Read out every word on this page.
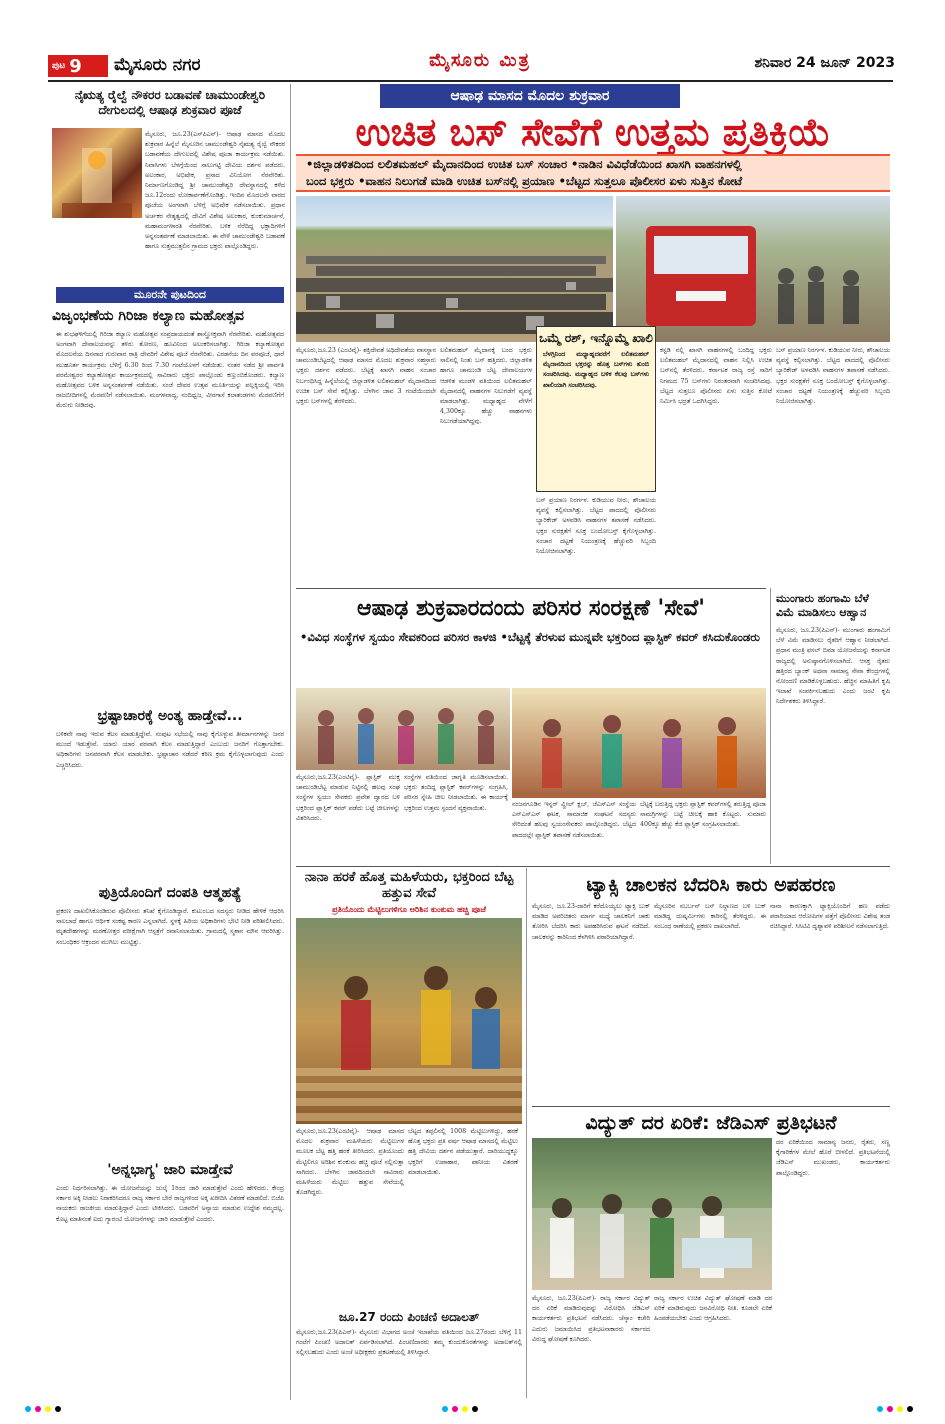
ಪುಟ 9 ಮೈಸೂರು ನಗರ	ಮೈಸೂರು ಮಿತ್ರ	ಶನಿವಾರ 24 ಜೂನ್ 2023
ನೈಋತ್ಯ ರೈಲ್ವೆ ನೌಕರರ ಬಡಾವಣೆ ಚಾಮುಂಡೇಶ್ವರಿ ದೇಗುಲದಲ್ಲಿ ಆಷಾಢ ಶುಕ್ರವಾರ ಪೂಜೆ
ಮೈಸೂರು, ಜೂ.23(ಎಸ್‌ಪಿಎನ್)- ಆಷಾಢ ಮಾಸದ ಮೊದಲ ಶುಕ್ರವಾರ ಹಿನ್ನೆಲೆ ಮೈಸೂರಿನ ಚಾಮುಂಡೇಶ್ವರಿ ನೈಋತ್ಯ ರೈಲ್ವೆ ನೌಕರರ ಬಡಾವಣೆಯ ದೇಗುಲದಲ್ಲಿ ವಿಶೇಷ ಪೂಜಾ ಕಾರ್ಯಕ್ರಮ ನಡೆಯಿತು. ನಿವಾಸಿಗಳು ಬೆಳಗ್ಗೆಯಿಂದ ಸಾಲುಗಟ್ಟಿ ದೇವಿಯ ದರ್ಶನ ಪಡೆದರು. ಅಲಂಕಾರ, ಅಭಿಷೇಕ, ಪ್ರಸಾದ ವಿನಿಯೋಗ ನೆರವೇರಿತು. ನಿರ್ಮಾಣಗೊಂಡಿದ್ದ ಶ್ರೀ ಚಾಮುಂಡೇಶ್ವರಿ ದೇವಸ್ಥಾನದಲ್ಲಿ ಕಳೆದ ಜೂ.12ರಂದು ಲೋಕಾರ್ಪಣೆಗೊಂಡಿತ್ತು. ಇಂದಿನ ಮೊದಲನೇ ವಾರದ ಪೂಜೆಯ ಅಂಗವಾಗಿ ಬೆಳಿಗ್ಗೆ ಅಭಿಷೇಕ ನಡೆಸಲಾಯಿತು. ಪ್ರಧಾನ ಅರ್ಚಕರ ನೇತೃತ್ವದಲ್ಲಿ ದೇವಿಗೆ ವಿಶೇಷ ಅಲಂಕಾರ, ಕುಂಕುಮಾರ್ಚನೆ, ಮಹಾಮಂಗಳಾರತಿ ನೆರವೇರಿತು. ಬಳಿಕ ನೆರೆದಿದ್ದ ಭಕ್ತಾದಿಗಳಿಗೆ ಅನ್ನಸಂತರ್ಪಣೆ ಮಾಡಲಾಯಿತು. ಈ ವೇಳೆ ಚಾಮುಂಡೇಶ್ವರಿ ಬಡಾವಣೆ ಹಾಗೂ ಸುತ್ತಮುತ್ತಲಿನ ಗ್ರಾಮದ ಭಕ್ತರು ಪಾಲ್ಗೊಂಡಿದ್ದರು.
ಮೂರನೇ ಪುಟದಿಂದ
ವಿಜೃಂಭಣೆಯ ಗಿರಿಜಾ ಕಲ್ಯಾಣ ಮಹೋತ್ಸವ
ಈ ಶುಭಘಳಿಗೆಯಲ್ಲಿ ಗಿರಿಜಾ ಕಲ್ಯಾಣ ಮಹೋತ್ಸವ ಸಂಪ್ರದಾಯದಂತೆ ಶಾಸ್ತ್ರೋಕ್ತವಾಗಿ ನೆರವೇರಿತು. ಮಹೋತ್ಸವದ ಅಂಗವಾಗಿ ದೇವಾಲಯವನ್ನು ತಳಿರು ತೋರಣ, ಹೂವಿನಿಂದ ಅಲಂಕರಿಸಲಾಗಿತ್ತು. ಗಿರಿಜಾ ಕಲ್ಯಾಣೋತ್ಸವ ಮೊದಲನೆಯ ದಿನವಾದ ಗುರುವಾರ ರಾತ್ರಿ ದೇವರಿಗೆ ವಿಶೇಷ ಪೂಜೆ ನೆರವೇರಿತು. ಎರಡನೆಯ ದಿನ ವರಪೂಜೆ, ಧಾರೆ ಮುಹೂರ್ತ ಕಾರ್ಯಕ್ರಮ ಬೆಳಿಗ್ಗೆ 6.30 ರಿಂದ 7.30 ಗಂಟೆಯೊಳಗೆ ನಡೆಯಿತು. ನಂತರ ನಡೆದ ಶ್ರೀ ಪಾರ್ವತಿ ಪರಮೇಶ್ವರರ ಕಲ್ಯಾಣೋತ್ಸವ ಕಾರ್ಯಕ್ರಮದಲ್ಲಿ ಸಾವಿರಾರು ಭಕ್ತರು ಪಾಲ್ಗೊಂಡು ಕಣ್ತುಂಬಿಕೊಂಡರು. ಕಲ್ಯಾಣ ಮಹೋತ್ಸವದ ಬಳಿಕ ಅನ್ನಸಂತರ್ಪಣೆ ನಡೆಯಿತು. ಸಂಜೆ ದೇವರ ಉತ್ಸವ ಮೂರ್ತಿಯನ್ನು ಪಲ್ಲಕ್ಕಿಯಲ್ಲಿ ಇರಿಸಿ ರಾಜಬೀದಿಗಳಲ್ಲಿ ಮೆರವಣಿಗೆ ನಡೆಸಲಾಯಿತು. ಮಂಗಳವಾದ್ಯ, ನಂದಿಧ್ವಜ, ವೀರಗಾಸೆ ಕಲಾತಂಡಗಳು ಮೆರವಣಿಗೆಗೆ ಮೆರುಗು ನೀಡಿದವು.
ಭ್ರಷ್ಟಾಚಾರಕ್ಕೆ ಅಂತ್ಯ ಹಾಡ್ತೇವೆ...
ಬಳಿಕವೇ ನಾವು ಇರುವ ಕೆಲಸ ಮಾಡುತ್ತಿದ್ದೇವೆ. ಸಂಪುಟ ಸಭೆಯಲ್ಲಿ ನಾವು ಕೈಗೊಳ್ಳುವ ತೀರ್ಮಾನಗಳನ್ನು ಜನರ ಮುಂದೆ ಇಡುತ್ತೇವೆ. ಯಾರು ಯಾರ ಪರವಾಗಿ ಕೆಲಸ ಮಾಡುತ್ತಿದ್ದಾರೆ ಎಂಬುದು ಜನರಿಗೆ ಗೊತ್ತಾಗಬೇಕು. ಅಧಿಕಾರಿಗಳು ಜನಪರವಾಗಿ ಕೆಲಸ ಮಾಡಬೇಕು. ಭ್ರಷ್ಟಾಚಾರ ನಡೆದರೆ ಕಠಿಣ ಕ್ರಮ ಕೈಗೊಳ್ಳಲಾಗುವುದು ಎಂದು ಎಚ್ಚರಿಸಿದರು.
ಪುತ್ರಿಯೊಂದಿಗೆ ದಂಪತಿ ಆತ್ಮಹತ್ಯೆ
ಪ್ರಕರಣ ದಾಖಲಿಸಿಕೊಂಡಿರುವ ಪೊಲೀಸರು ತನಿಖೆ ಕೈಗೊಂಡಿದ್ದಾರೆ. ಕುಟುಂಬದ ಸದಸ್ಯರು ನೀಡಿದ ಹೇಳಿಕೆ ಆಧರಿಸಿ ಸಾಲಬಾಧೆ ಹಾಗೂ ಆರ್ಥಿಕ ಸಂಕಷ್ಟ ಕಾರಣ ಎನ್ನಲಾಗಿದೆ. ಸ್ಥಳಕ್ಕೆ ಹಿರಿಯ ಅಧಿಕಾರಿಗಳು ಭೇಟಿ ನೀಡಿ ಪರಿಶೀಲಿಸಿದರು. ಮೃತದೇಹಗಳನ್ನು ಮರಣೋತ್ತರ ಪರೀಕ್ಷೆಗಾಗಿ ಆಸ್ಪತ್ರೆಗೆ ರವಾನಿಸಲಾಯಿತು. ಗ್ರಾಮದಲ್ಲಿ ಸ್ಮಶಾನ ಮೌನ ಆವರಿಸಿತ್ತು. ಸಂಬಂಧಿಕರ ಆಕ್ರಂದನ ಮುಗಿಲು ಮುಟ್ಟಿತ್ತು.
'ಅನ್ನಭಾಗ್ಯ' ಜಾರಿ ಮಾಡ್ತೇವೆ
ಎಂದು ನಿರ್ಧರಿಸಲಾಗಿತ್ತು. ಈ ಯೋಜನೆಯನ್ನು ಜುಲೈ 1ರಿಂದ ಜಾರಿ ಮಾಡುತ್ತೇವೆ ಎಂದು ಹೇಳಿದರು. ಕೇಂದ್ರ ಸರ್ಕಾರ ಅಕ್ಕಿ ನೀಡಲು ನಿರಾಕರಿಸಿದರೂ ರಾಜ್ಯ ಸರ್ಕಾರ ಬೇರೆ ರಾಜ್ಯಗಳಿಂದ ಅಕ್ಕಿ ಖರೀದಿಸಿ ವಿತರಣೆ ಮಾಡಲಿದೆ. ಬಿಜೆಪಿ ನಾಯಕರು ರಾಜಕೀಯ ಮಾಡುತ್ತಿದ್ದಾರೆ ಎಂದು ಟೀಕಿಸಿದರು. ಬಡವರಿಗೆ ಅನ್ಯಾಯ ಮಾಡುವ ಉದ್ದೇಶ ನಮ್ಮದಲ್ಲ. ಕೊಟ್ಟ ಮಾತಿನಂತೆ ಐದು ಗ್ಯಾರಂಟಿ ಯೋಜನೆಗಳನ್ನು ಜಾರಿ ಮಾಡುತ್ತೇವೆ ಎಂದರು.
ಆಷಾಢ ಮಾಸದ ಮೊದಲ ಶುಕ್ರವಾರ
ಉಚಿತ ಬಸ್ ಸೇವೆಗೆ ಉತ್ತಮ ಪ್ರತಿಕ್ರಿಯೆ
•ಜಿಲ್ಲಾಡಳಿತದಿಂದ ಲಲಿತಮಹಲ್ ಮೈದಾನದಿಂದ ಉಚಿತ ಬಸ್ ಸಂಚಾರ •ನಾಡಿನ ವಿವಿಧೆಡೆಯಿಂದ ಖಾಸಗಿ ವಾಹನಗಳಲ್ಲಿ
ಬಂದ ಭಕ್ತರು •ವಾಹನ ನಿಲುಗಡೆ ಮಾಡಿ ಉಚಿತ ಬಸ್‌ನಲ್ಲಿ ಪ್ರಯಾಣ •ಬೆಟ್ಟದ ಸುತ್ತಲೂ ಪೊಲೀಸರ ಏಳು ಸುತ್ತಿನ ಕೋಟೆ
ಮೈಸೂರು,ಜೂ.23 (ಎಂಟಿವೈ)- ಶಕ್ತಿದೇವತೆ ಅಧಿದೇವತೆಯ ವಾಸಸ್ಥಾನ ಚಾಮುಂಡಿಬೆಟ್ಟದಲ್ಲಿ ಆಷಾಢ ಮಾಸದ ಮೊದಲ ಶುಕ್ರವಾರ ಸಹಸ್ರಾರು ಭಕ್ತರು ದರ್ಶನ ಪಡೆದರು. ಬೆಟ್ಟಕ್ಕೆ ಖಾಸಗಿ ವಾಹನ ಸಂಚಾರ ನಿರ್ಬಂಧಿಸಿದ್ದ ಹಿನ್ನೆಲೆಯಲ್ಲಿ ಜಿಲ್ಲಾಡಳಿತ ಲಲಿತಮಹಲ್ ಮೈದಾನದಿಂದ ಉಚಿತ ಬಸ್ ಸೇವೆ ಕಲ್ಪಿಸಿತ್ತು. ಬೆಳಗಿನ ಜಾವ 3 ಗಂಟೆಯಿಂದಲೇ ಭಕ್ತರು ಬಸ್‌ಗಳಲ್ಲಿ ತೆರಳಿದರು.
ಲಲಿತಮಹಲ್ ಮೈದಾನಕ್ಕೆ ಬಂದ ಭಕ್ತರು ಸಾಲಿನಲ್ಲಿ ನಿಂತು ಬಸ್ ಹತ್ತಿದರು. ಜಿಲ್ಲಾಡಳಿತ ಹಾಗೂ ಚಾಮುಂಡಿ ಬೆಟ್ಟ ದೇವಾಲಯಗಳ ಆಡಳಿತ ಮಂಡಳಿ ವತಿಯಿಂದ ಲಲಿತಮಹಲ್ ಮೈದಾನದಲ್ಲಿ ವಾಹನಗಳ ನಿಲುಗಡೆಗೆ ವ್ಯವಸ್ಥೆ ಮಾಡಲಾಗಿತ್ತು. ಮಧ್ಯಾಹ್ನದ ವೇಳೆಗೆ 4,300ಕ್ಕೂ ಹೆಚ್ಚು ವಾಹನಗಳು ನಿಲುಗಡೆಯಾಗಿದ್ದವು.
ಒಮ್ಮೆ ರಶ್, ಇನ್ನೊಮ್ಮೆ ಖಾಲಿ
ಬೆಳಗ್ಗಿನಿಂದ ಮಧ್ಯಾಹ್ನದವರೆಗೆ ಲಲಿತಮಹಲ್ ಮೈದಾನದಿಂದ ಭಕ್ತರನ್ನು ಹೊತ್ತ ಬಸ್‌ಗಳು ತುಂಬಿ ಸಂಚರಿಸಿದವು. ಮಧ್ಯಾಹ್ನದ ಬಳಿಕ ಕೆಲವು ಬಸ್‌ಗಳು ಖಾಲಿಯಾಗಿ ಸಂಚರಿಸಿದವು.
ಬಸ್ ಪ್ರಯಾಣ ನಿರರ್ಗಳ. ಕುಡಿಯುವ ನೀರು, ಶೌಚಾಲಯ ವ್ಯವಸ್ಥೆ ಕಲ್ಪಿಸಲಾಗಿತ್ತು. ಬೆಟ್ಟದ ಪಾದದಲ್ಲಿ ಪೊಲೀಸರು ಬ್ಯಾರಿಕೇಡ್ ಅಳವಡಿಸಿ ವಾಹನಗಳ ತಪಾಸಣೆ ನಡೆಸಿದರು. ಭಕ್ತರ ಸುರಕ್ಷತೆಗೆ ಸೂಕ್ತ ಬಂದೋಬಸ್ತ್ ಕೈಗೊಳ್ಳಲಾಗಿತ್ತು. ಸಂಚಾರ ದಟ್ಟಣೆ ನಿಯಂತ್ರಣಕ್ಕೆ ಹೆಚ್ಚುವರಿ ಸಿಬ್ಬಂದಿ ನಿಯೋಜಿಸಲಾಗಿತ್ತು.
ಕಸ್ಟಡಿ ನಲ್ಲಿ ಖಾಸಗಿ ವಾಹನಗಳಲ್ಲಿ ಬಂದಿದ್ದ ಭಕ್ತರು ಲಲಿತಮಹಲ್ ಮೈದಾನದಲ್ಲಿ ವಾಹನ ನಿಲ್ಲಿಸಿ ಉಚಿತ ಬಸ್‌ನಲ್ಲಿ ತೆರಳಿದರು. ಕರ್ನಾಟಕ ರಾಜ್ಯ ರಸ್ತೆ ಸಾರಿಗೆ ನಿಗಮದ 75 ಬಸ್‌ಗಳು ನಿರಂತರವಾಗಿ ಸಂಚರಿಸಿದವು. ಬೆಟ್ಟದ ಸುತ್ತಲೂ ಪೊಲೀಸರು ಏಳು ಸುತ್ತಿನ ಕೋಟೆ ನಿರ್ಮಿಸಿ ಭದ್ರತೆ ಒದಗಿಸಿದ್ದರು.
ಬಸ್ ಪ್ರಯಾಣ ನಿರರ್ಗಳ. ಕುಡಿಯುವ ನೀರು, ಶೌಚಾಲಯ ವ್ಯವಸ್ಥೆ ಕಲ್ಪಿಸಲಾಗಿತ್ತು. ಬೆಟ್ಟದ ಪಾದದಲ್ಲಿ ಪೊಲೀಸರು ಬ್ಯಾರಿಕೇಡ್ ಅಳವಡಿಸಿ ವಾಹನಗಳ ತಪಾಸಣೆ ನಡೆಸಿದರು. ಭಕ್ತರ ಸುರಕ್ಷತೆಗೆ ಸೂಕ್ತ ಬಂದೋಬಸ್ತ್ ಕೈಗೊಳ್ಳಲಾಗಿತ್ತು. ಸಂಚಾರ ದಟ್ಟಣೆ ನಿಯಂತ್ರಣಕ್ಕೆ ಹೆಚ್ಚುವರಿ ಸಿಬ್ಬಂದಿ ನಿಯೋಜಿಸಲಾಗಿತ್ತು.
ಆಷಾಢ ಶುಕ್ರವಾರದಂದು ಪರಿಸರ ಸಂರಕ್ಷಣೆ 'ಸೇವೆ'
•ವಿವಿಧ ಸಂಸ್ಥೆಗಳ ಸ್ವಯಂ ಸೇವಕರಿಂದ ಪರಿಸರ ಕಾಳಜಿ •ಬೆಟ್ಟಕ್ಕೆ ತೆರಳುವ ಮುನ್ನವೇ ಭಕ್ತರಿಂದ ಪ್ಲಾಸ್ಟಿಕ್ ಕವರ್ ಕಸಿದುಕೊಂಡರು
ಮೈಸೂರು,ಜೂ.23(ಎಂಟಿವೈ)- ಪ್ಲಾಸ್ಟಿಕ್ ಮುಕ್ತ ಚಾಮುಂಡಿಬೆಟ್ಟ ಮಾಡುವ ನಿಟ್ಟಿನಲ್ಲಿ ಹಲವು ಸಂಘ ಸಂಸ್ಥೆಗಳ ಸ್ವಯಂ ಸೇವಕರು ಪ್ರವೇಶ ದ್ವಾರದ ಬಳಿ ಭಕ್ತರಿಂದ ಪ್ಲಾಸ್ಟಿಕ್ ಕವರ್ ಪಡೆದು ಬಟ್ಟೆ ಚೀಲಗಳನ್ನು ವಿತರಿಸಿದರು.
ಸಂಸ್ಥೆಗಳ ವತಿಯಿಂದ ಜಾಗೃತಿ ಮೂಡಿಸಲಾಯಿತು. ಭಕ್ತರು ತಂದಿದ್ದ ಪ್ಲಾಸ್ಟಿಕ್ ಕವರ್‌ಗಳನ್ನು ಸಂಗ್ರಹಿಸಿ, ಪರಿಸರ ಸ್ನೇಹಿ ಚೀಲ ನೀಡಲಾಯಿತು. ಈ ಕಾರ್ಯಕ್ಕೆ ಭಕ್ತರಿಂದ ಉತ್ತಮ ಸ್ಪಂದನೆ ವ್ಯಕ್ತವಾಯಿತು.
ನಂಜನಗೂಡಿನ ಇನ್ನರ್ ವ್ಹೀಲ್ ಕ್ಲಬ್, ಜೆಎಸ್‌ಎಸ್ ಸಂಸ್ಥೆಯ ಎನ್‌ಎಸ್‌ಎಸ್ ಘಟಕ, ಸಾಮಾಜಿಕ ಸಂಘಟನೆ ಸದಸ್ಯರು ಸೇರಿದಂತೆ ಹಲವು ಸ್ವಯಂಸೇವಕರು ಪಾಲ್ಗೊಂಡಿದ್ದರು. ಬೆಟ್ಟದ ಪಾದದಲ್ಲೇ ಪ್ಲಾಸ್ಟಿಕ್ ತಪಾಸಣೆ ನಡೆಸಲಾಯಿತು.
ಬೆಟ್ಟಕ್ಕೆ ಬರುತ್ತಿದ್ದ ಭಕ್ತರು ಪ್ಲಾಸ್ಟಿಕ್ ಕವರ್‌ಗಳಲ್ಲಿ ತರುತ್ತಿದ್ದ ಪೂಜಾ ಸಾಮಗ್ರಿಗಳನ್ನು ಬಟ್ಟೆ ಚೀಲಕ್ಕೆ ಹಾಕಿ ಕೊಟ್ಟರು. ಸುಮಾರು 400ಕ್ಕೂ ಹೆಚ್ಚು ಕೆಜಿ ಪ್ಲಾಸ್ಟಿಕ್ ಸಂಗ್ರಹಿಸಲಾಯಿತು.
ಮುಂಗಾರು ಹಂಗಾಮಿ ಬೆಳೆ ವಿಮೆ ಮಾಡಿಸಲು ಆಹ್ವಾನ
ಮೈಸೂರು, ಜೂ.23(ಪಿಎನ್)- ಮುಂಗಾರು ಹಂಗಾಮಿಗೆ ಬೆಳೆ ವಿಮೆ ಮಾಡಿಸಲು ರೈತರಿಗೆ ಆಹ್ವಾನ ನೀಡಲಾಗಿದೆ. ಪ್ರಧಾನ ಮಂತ್ರಿ ಫಸಲ್ ಬಿಮಾ ಯೋಜನೆಯನ್ನು ಕರ್ನಾಟಕ ರಾಜ್ಯದಲ್ಲಿ ಅನುಷ್ಠಾನಗೊಳಿಸಲಾಗಿದೆ. ಆಸಕ್ತ ರೈತರು ಹತ್ತಿರದ ಬ್ಯಾಂಕ್ ಅಥವಾ ಸಾಮಾನ್ಯ ಸೇವಾ ಕೇಂದ್ರಗಳಲ್ಲಿ ನೋಂದಣಿ ಮಾಡಿಕೊಳ್ಳಬಹುದು. ಹೆಚ್ಚಿನ ಮಾಹಿತಿಗೆ ಕೃಷಿ ಇಲಾಖೆ ಸಂಪರ್ಕಿಸಬಹುದು ಎಂದು ಜಂಟಿ ಕೃಷಿ ನಿರ್ದೇಶಕರು ತಿಳಿಸಿದ್ದಾರೆ.
ನಾನಾ ಹರಕೆ ಹೊತ್ತ ಮಹಿಳೆಯರು, ಭಕ್ತರಿಂದ ಬೆಟ್ಟ ಹತ್ತುವ ಸೇವೆ
ಪ್ರತಿಯೊಂದು ಮೆಟ್ಟಿಲುಗಳಿಗೂ ಅರಿಶಿನ ಕುಂಕುಮ ಹಚ್ಚಿ ಪೂಜೆ
ಮೈಸೂರು,ಜೂ.23(ಎಂಟಿವೈ)- ಆಷಾಢ ಮಾಸದ ಮೊದಲ ಶುಕ್ರವಾರ ಮಹಿಳೆಯರು ಮೆಟ್ಟಿಲುಗಳ ಮೂಲಕ ಬೆಟ್ಟ ಹತ್ತಿ ಹರಕೆ ತೀರಿಸಿದರು. ಪ್ರತಿಯೊಂದು ಮೆಟ್ಟಿಲಿಗೂ ಅರಿಶಿನ ಕುಂಕುಮ ಹಚ್ಚಿ ಪೂಜೆ ಸಲ್ಲಿಸುತ್ತಾ ಸಾಗಿದರು. ಬೆಳಗಿನ ಜಾವದಿಂದಲೇ ಸಾವಿರಾರು ಮಹಿಳೆಯರು ಮೆಟ್ಟಿಲು ಹತ್ತುವ ಸೇವೆಯಲ್ಲಿ ತೊಡಗಿದ್ದರು.
ಬೆಟ್ಟದ ತಪ್ಪಲಿನಲ್ಲಿ 1008 ಮೆಟ್ಟಿಲುಗಳಿದ್ದು, ಹರಕೆ ಹೊತ್ತ ಭಕ್ತರು ಪ್ರತಿ ವರ್ಷ ಆಷಾಢ ಮಾಸದಲ್ಲಿ ಮೆಟ್ಟಿಲು ಹತ್ತಿ ದೇವಿಯ ದರ್ಶನ ಪಡೆಯುತ್ತಾರೆ. ದಾರಿಯುದ್ದಕ್ಕೂ ಭಕ್ತರಿಗೆ ಉಪಾಹಾರ, ಪಾನೀಯ ವಿತರಣೆ ಮಾಡಲಾಯಿತು.
ಜೂ.27 ರಂದು ಪಿಂಚಣಿ ಅದಾಲತ್
ಮೈಸೂರು,ಜೂ.23(ಪಿಎನ್)- ಮೈಸೂರು ವಿಭಾಗದ ಅಂಚೆ ಇಲಾಖೆಯ ವತಿಯಿಂದ ಜೂ.27ರಂದು ಬೆಳಿಗ್ಗೆ 11 ಗಂಟೆಗೆ ಪಿಂಚಣಿ ಅದಾಲತ್ ಏರ್ಪಡಿಸಲಾಗಿದೆ. ಪಿಂಚಣಿದಾರರು ತಮ್ಮ ಕುಂದುಕೊರತೆಗಳನ್ನು ಅದಾಲತ್‌ನಲ್ಲಿ ಸಲ್ಲಿಸಬಹುದು ಎಂದು ಅಂಚೆ ಅಧೀಕ್ಷಕರು ಪ್ರಕಟಣೆಯಲ್ಲಿ ತಿಳಿಸಿದ್ದಾರೆ.
ಟ್ಯಾಕ್ಸಿ ಚಾಲಕನ ಬೆದರಿಸಿ ಕಾರು ಅಪಹರಣ
ಮೈಸೂರು, ಜೂ.23-ದಾರಿಗೆ ಕರೆದೊಯ್ಯಲು ಟ್ಯಾಕ್ಸಿ ಬುಕ್ ಮಾಡಿದ ಅಪರಿಚಿತರು ಮಾರ್ಗ ಮಧ್ಯೆ ಚಾಲಕನಿಗೆ ಚಾಕು ತೋರಿಸಿ ಬೆದರಿಸಿ ಕಾರು ಅಪಹರಿಸಿರುವ ಘಟನೆ ನಡೆದಿದೆ. ಚಾಲಕನನ್ನು ಕಾರಿನಿಂದ ಕೆಳಗಿಳಿಸಿ ಪರಾರಿಯಾಗಿದ್ದಾರೆ.
ಮೈಸೂರಿನ ಸಬರ್ಬನ್ ಬಸ್ ನಿಲ್ದಾಣದ ಬಳಿ ಬುಕ್ ಮಾಡಿದ್ದ ದುಷ್ಕರ್ಮಿಗಳು ಕಾರಿನಲ್ಲಿ ತೆರಳಿದ್ದರು. ಈ ಸಂಬಂಧ ಠಾಣೆಯಲ್ಲಿ ಪ್ರಕರಣ ದಾಖಲಾಗಿದೆ.
ನಾನಾ ಕಾರಣಕ್ಕಾಗಿ ಟ್ಯಾಕ್ಸಿಯೊಂದಿಗೆ ಹಣ ಪಡೆದು ಪರಾರಿಯಾದ ಆರೋಪಿಗಳ ಪತ್ತೆಗೆ ಪೊಲೀಸರು ವಿಶೇಷ ತಂಡ ರಚಿಸಿದ್ದಾರೆ. ಸಿಸಿಟಿವಿ ದೃಶ್ಯಾವಳಿ ಪರಿಶೀಲನೆ ನಡೆಸಲಾಗುತ್ತಿದೆ.
ವಿದ್ಯುತ್ ದರ ಏರಿಕೆ: ಜೆಡಿಎಸ್ ಪ್ರತಿಭಟನೆ
ದರ ಏರಿಕೆಯಿಂದ ಸಾಮಾನ್ಯ ಜನರು, ರೈತರು, ಸಣ್ಣ ಕೈಗಾರಿಕೆಗಳ ಮೇಲೆ ಹೊರೆ ಬೀಳಲಿದೆ. ಪ್ರತಿಭಟನೆಯಲ್ಲಿ ಜೆಡಿಎಸ್ ಮುಖಂಡರು, ಕಾರ್ಯಕರ್ತರು ಪಾಲ್ಗೊಂಡಿದ್ದರು.
ಮೈಸೂರು, ಜೂ.23(ಪಿಎನ್)- ರಾಜ್ಯ ಸರ್ಕಾರ ವಿದ್ಯುತ್ ದರ ಏರಿಕೆ ಮಾಡಿರುವುದನ್ನು ವಿರೋಧಿಸಿ ಜೆಡಿಎಸ್ ಕಾರ್ಯಕರ್ತರು ಪ್ರತಿಭಟನೆ ನಡೆಸಿದರು. ಚೆಸ್ಕಾಂ ಕಚೇರಿ ಎದುರು ಜಮಾಯಿಸಿದ ಪ್ರತಿಭಟನಾಕಾರರು ಸರ್ಕಾರದ ವಿರುದ್ಧ ಘೋಷಣೆ ಕೂಗಿದರು.
ರಾಜ್ಯ ಸರ್ಕಾರ ಉಚಿತ ವಿದ್ಯುತ್ ಘೋಷಣೆ ಮಾಡಿ ದರ ಏರಿಕೆ ಮಾಡಿರುವುದು ಜನವಿರೋಧಿ ನೀತಿ. ಕೂಡಲೇ ಏರಿಕೆ ಹಿಂಪಡೆಯಬೇಕು ಎಂದು ಆಗ್ರಹಿಸಿದರು.
